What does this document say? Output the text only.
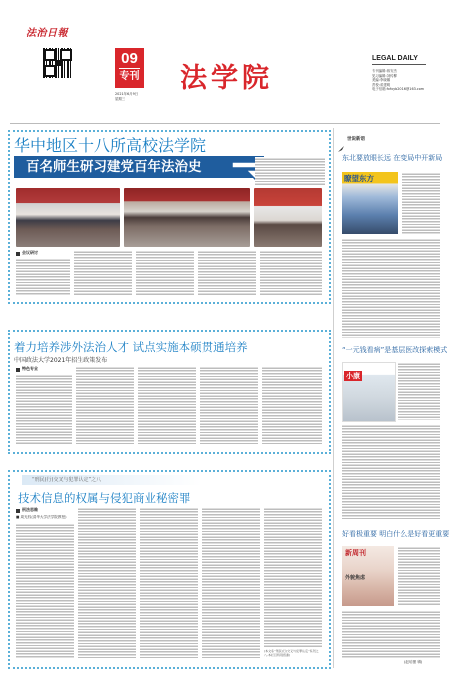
法治日報
09
专刊
2021年6月9日
星期三
法学院
LEGAL DAILY
专刊编辑:蒋安杰
见习编辑:刘传柳
美编:李晓娜
责校:邓建明
电子信箱:fxfxyb2016@163.com
华中地区十八所高校法学院
百名师生研习建党百年法治史
会议研讨
着力培养涉外法治人才 试点实施本硕贯通培养
中国政法大学2021年招生政策发布
特色专业
“刑民(行)交叉与犯罪认定”之八
技术信息的权属与侵犯商业秘密罪
刑法思维
■ 周光权(清华大学法学院教授)
(本文系“刑民(行)交叉与犯罪认定”系列之八,本栏目特别感谢)
世说新语
东北要放眼长远 在变局中开新局
瞭望东方
“一元钱看病”是基层医改探索模式
小康
好看极重要 明白什么是好看更重要
新周刊
外貌焦虑
(赵培蕾 辑)
